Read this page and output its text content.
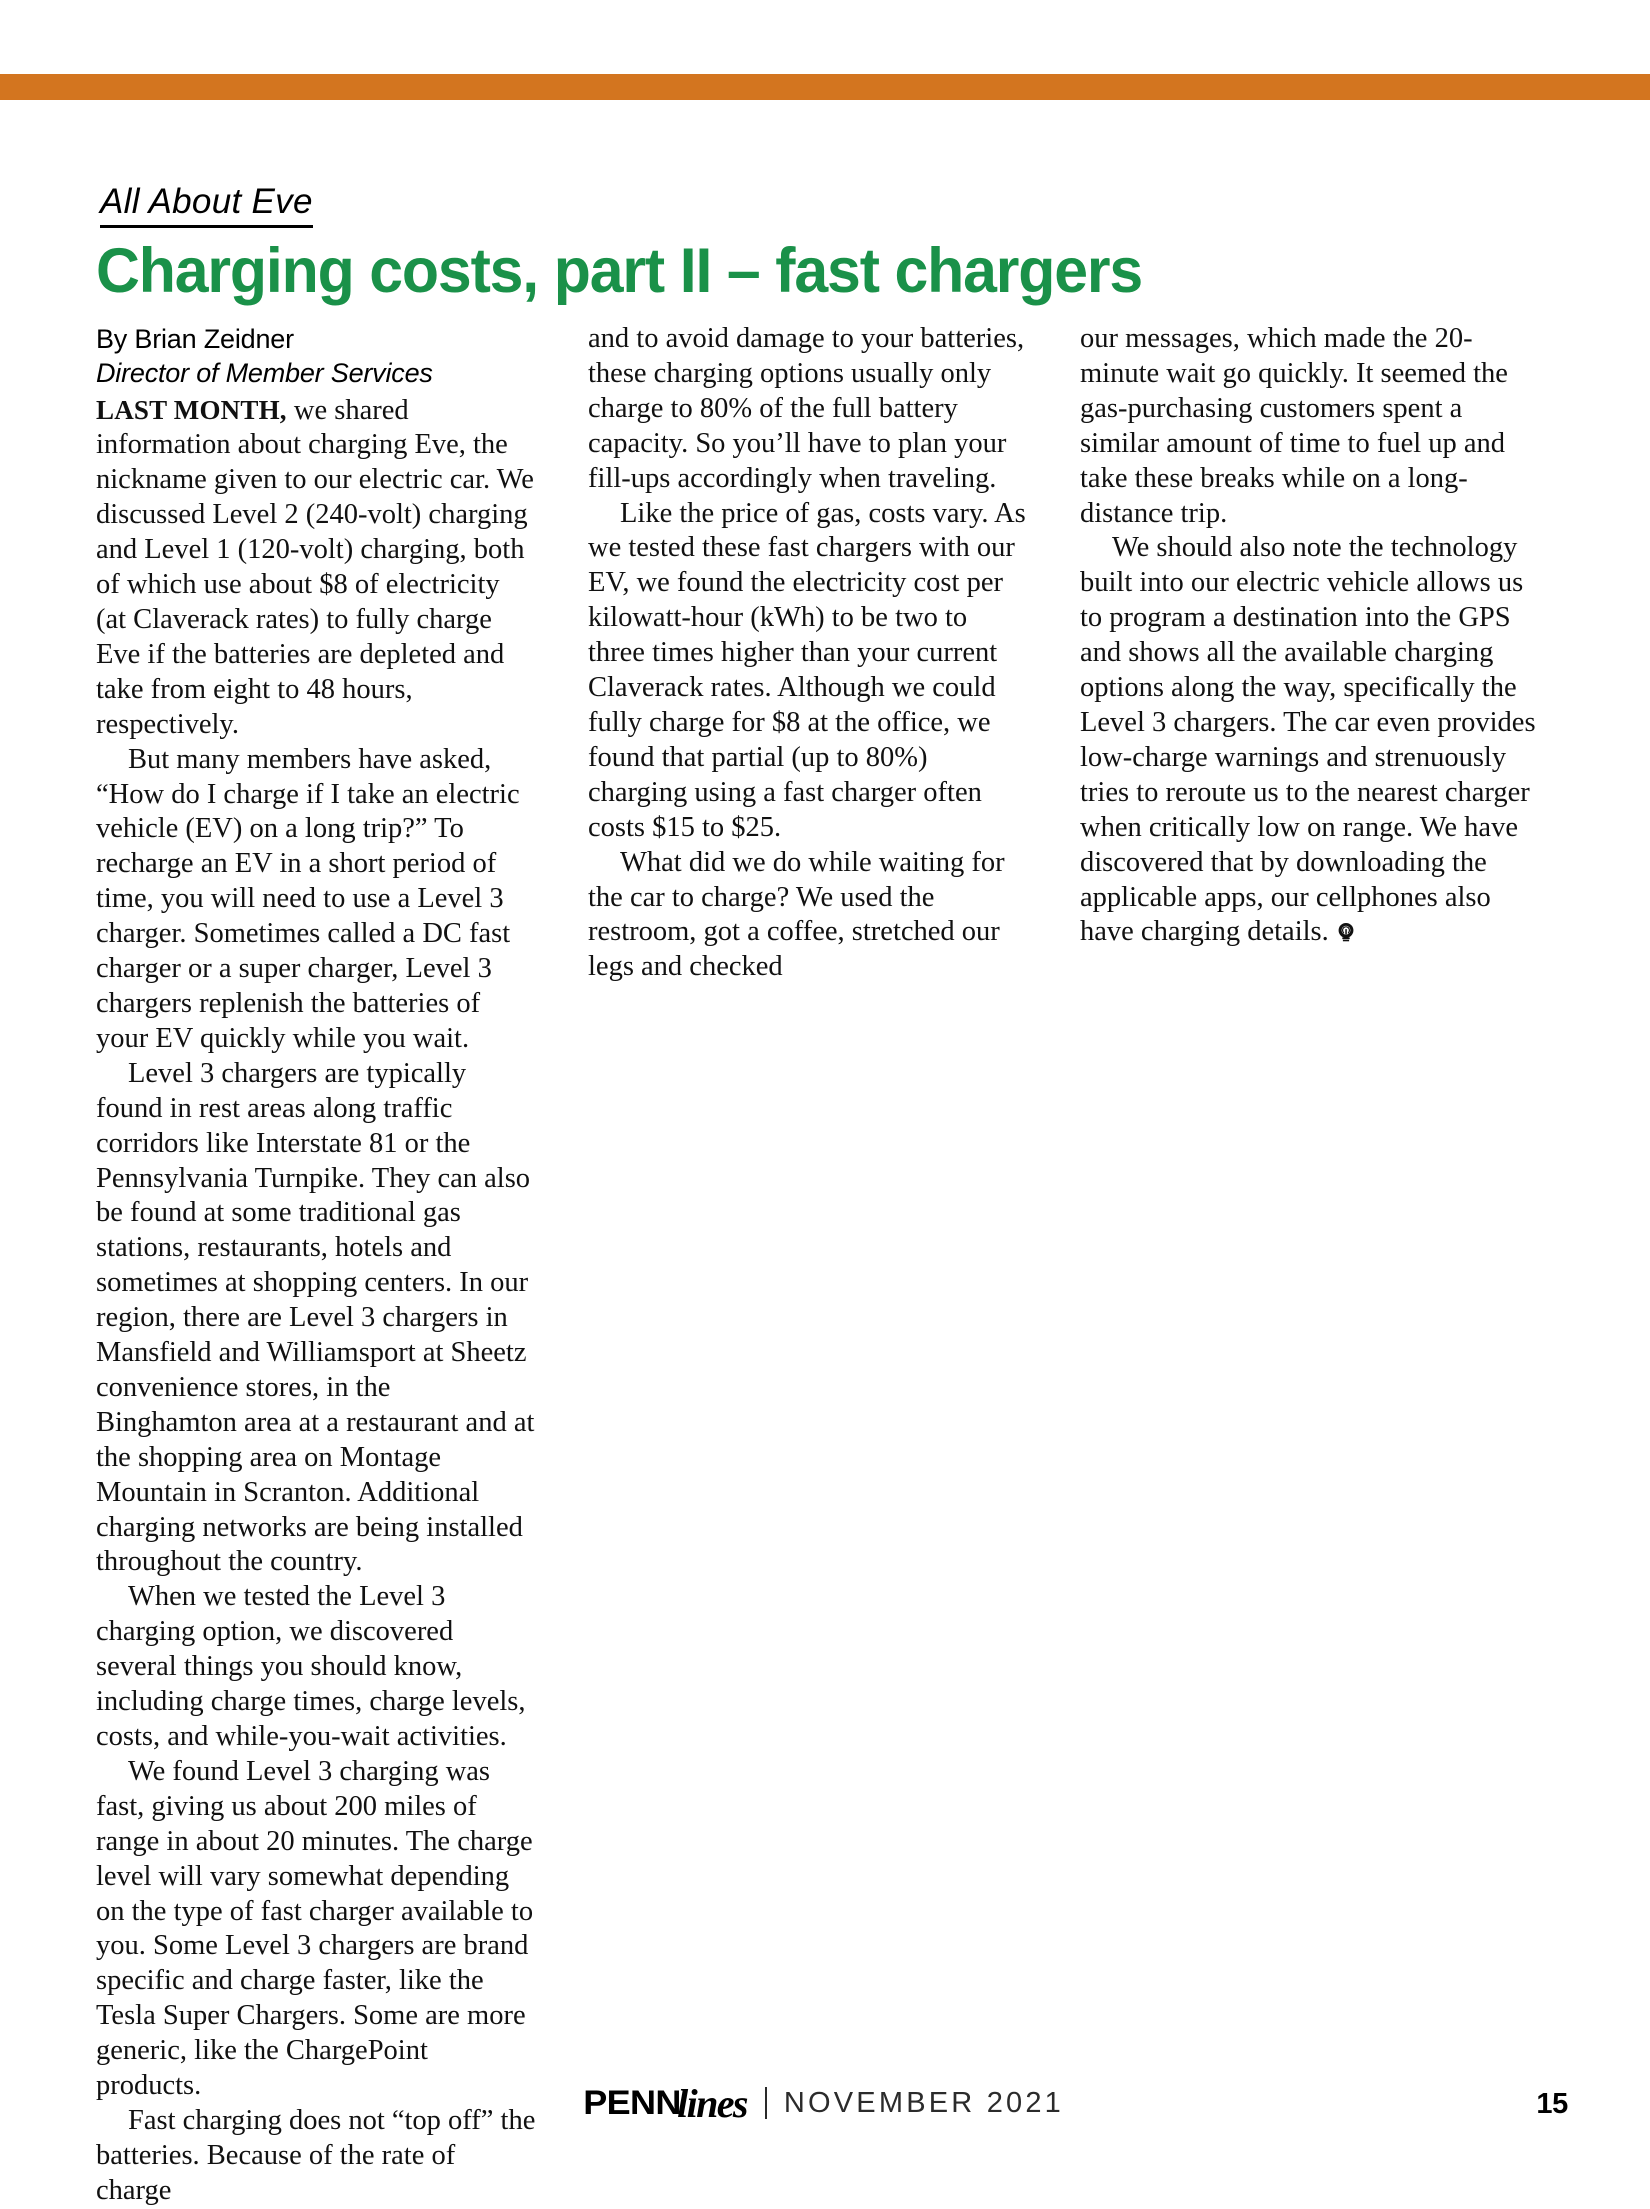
All About Eve
Charging costs, part II – fast chargers
By Brian Zeidner
Director of Member Services

LAST MONTH, we shared information about charging Eve, the nickname given to our electric car. We discussed Level 2 (240-volt) charging and Level 1 (120-volt) charging, both of which use about $8 of electricity (at Claverack rates) to fully charge Eve if the batteries are depleted and take from eight to 48 hours, respectively.

But many members have asked, “How do I charge if I take an electric vehicle (EV) on a long trip?” To recharge an EV in a short period of time, you will need to use a Level 3 charger. Sometimes called a DC fast charger or a super charger, Level 3 chargers replenish the batteries of your EV quickly while you wait.

Level 3 chargers are typically found in rest areas along traffic corridors like Interstate 81 or the Pennsylvania Turnpike. They can also be found at some traditional gas stations, restaurants, hotels and sometimes at shopping centers. In our region, there are Level 3 chargers in Mansfield and Williamsport at Sheetz convenience stores, in the Binghamton area at a restaurant and at the shopping area on Montage Mountain in Scranton. Additional charging networks are being installed throughout the country.

When we tested the Level 3 charging option, we discovered several things you should know, including charge times, charge levels, costs, and while-you-wait activities.

We found Level 3 charging was fast, giving us about 200 miles of range in about 20 minutes. The charge level will vary somewhat depending on the type of fast charger available to you. Some Level 3 chargers are brand specific and charge faster, like the Tesla Super Chargers. Some are more generic, like the ChargePoint products.

Fast charging does not “top off” the batteries. Because of the rate of charge

and to avoid damage to your batteries, these charging options usually only charge to 80% of the full battery capacity. So you’ll have to plan your fill-ups accordingly when traveling.

Like the price of gas, costs vary. As we tested these fast chargers with our EV, we found the electricity cost per kilowatt-hour (kWh) to be two to three times higher than your current Claverack rates. Although we could fully charge for $8 at the office, we found that partial (up to 80%) charging using a fast charger often costs $15 to $25.

What did we do while waiting for the car to charge? We used the restroom, got a coffee, stretched our legs and checked

our messages, which made the 20-minute wait go quickly. It seemed the gas-purchasing customers spent a similar amount of time to fuel up and take these breaks while on a long-distance trip.

We should also note the technology built into our electric vehicle allows us to program a destination into the GPS and shows all the available charging options along the way, specifically the Level 3 chargers. The car even provides low-charge warnings and strenuously tries to reroute us to the nearest charger when critically low on range. We have discovered that by downloading the applicable apps, our cellphones also have charging details.

PENNlines NOVEMBER 2021	15
